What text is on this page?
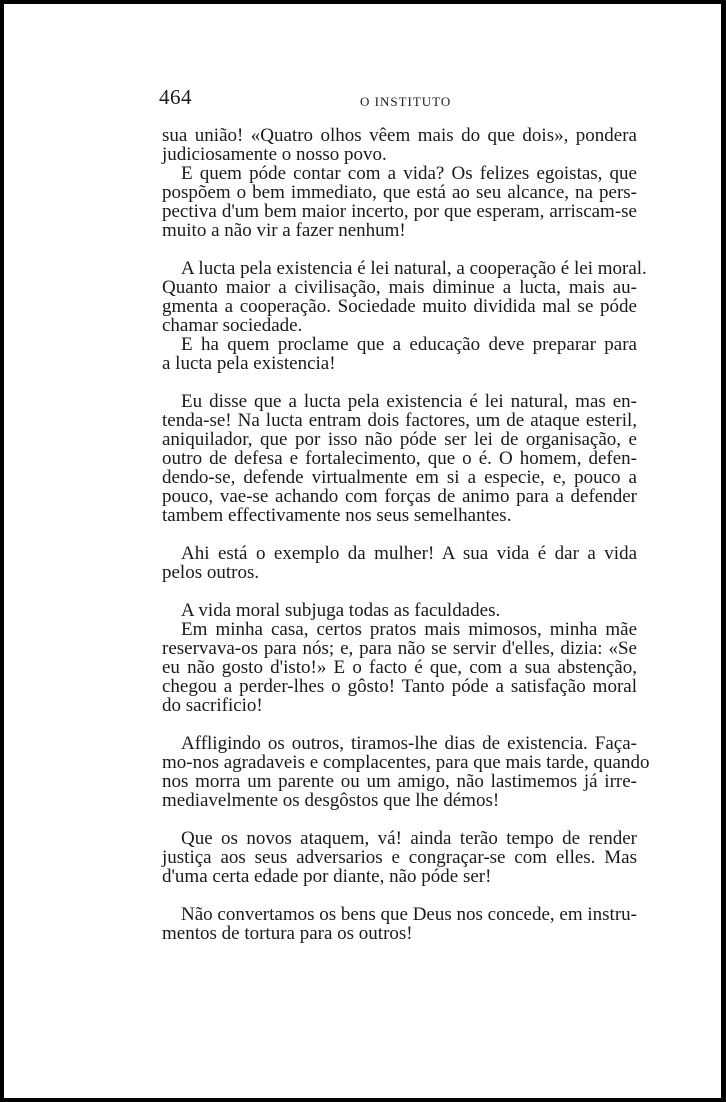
464	O INSTITUTO
sua união! «Quatro olhos vêem mais do que dois», pondera
judiciosamente o nosso povo.
E quem póde contar com a vida? Os felizes egoistas, que
pospõem o bem immediato, que está ao seu alcance, na pers-
pectiva d'um bem maior incerto, por que esperam, arriscam-se
muito a não vir a fazer nenhum!
A lucta pela existencia é lei natural, a cooperação é lei moral.
Quanto maior a civilisação, mais diminue a lucta, mais au-
gmenta a cooperação. Sociedade muito dividida mal se póde
chamar sociedade.
E ha quem proclame que a educação deve preparar para
a lucta pela existencia!
Eu disse que a lucta pela existencia é lei natural, mas en-
tenda-se! Na lucta entram dois factores, um de ataque esteril,
aniquilador, que por isso não póde ser lei de organisação, e
outro de defesa e fortalecimento, que o é. O homem, defen-
dendo-se, defende virtualmente em si a especie, e, pouco a
pouco, vae-se achando com forças de animo para a defender
tambem effectivamente nos seus semelhantes.
Ahi está o exemplo da mulher! A sua vida é dar a vida
pelos outros.
A vida moral subjuga todas as faculdades.
Em minha casa, certos pratos mais mimosos, minha mãe
reservava-os para nós; e, para não se servir d'elles, dizia: «Se
eu não gosto d'isto!» E o facto é que, com a sua abstenção,
chegou a perder-lhes o gôsto! Tanto póde a satisfação moral
do sacrificio!
Affligindo os outros, tiramos-lhe dias de existencia. Faça-
mo-nos agradaveis e complacentes, para que mais tarde, quando
nos morra um parente ou um amigo, não lastimemos já irre-
mediavelmente os desgôstos que lhe démos!
Que os novos ataquem, vá! ainda terão tempo de render
justiça aos seus adversarios e congraçar-se com elles. Mas
d'uma certa edade por diante, não póde ser!
Não convertamos os bens que Deus nos concede, em instru-
mentos de tortura para os outros!
